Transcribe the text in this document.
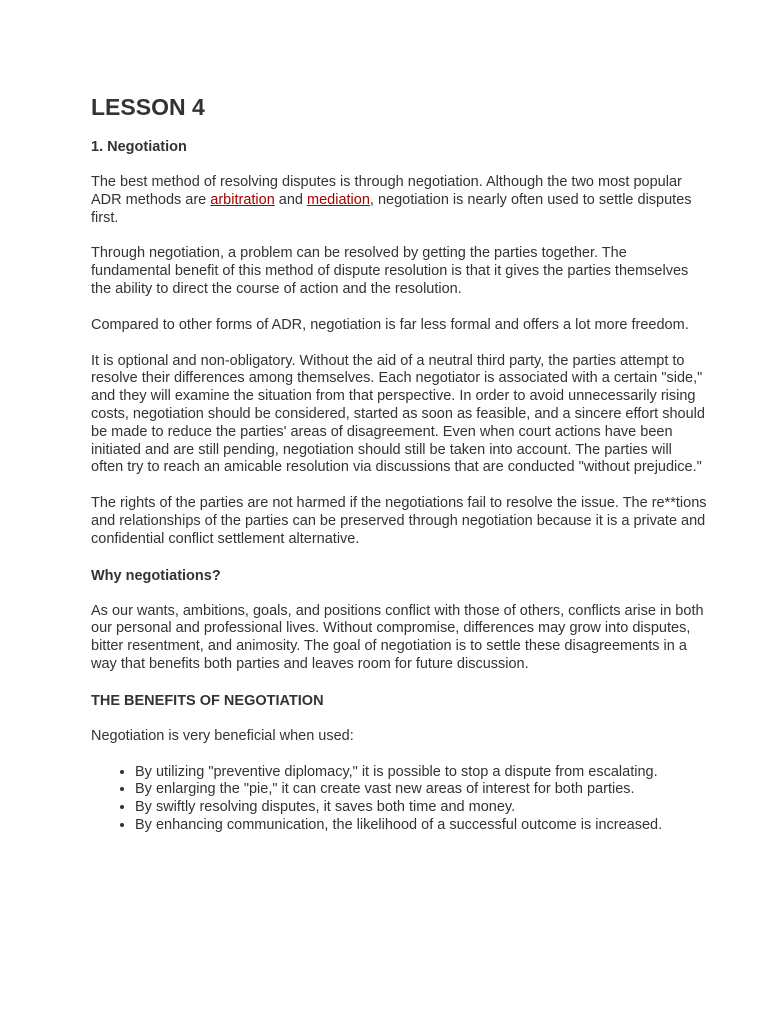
LESSON 4
1. Negotiation

The best method of resolving disputes is through negotiation. Although the two most popular ADR methods are arbitration and mediation, negotiation is nearly often used to settle disputes first.

Through negotiation, a problem can be resolved by getting the parties together. The fundamental benefit of this method of dispute resolution is that it gives the parties themselves the ability to direct the course of action and the resolution.

Compared to other forms of ADR, negotiation is far less formal and offers a lot more freedom.

It is optional and non-obligatory. Without the aid of a neutral third party, the parties attempt to resolve their differences among themselves. Each negotiator is associated with a certain "side," and they will examine the situation from that perspective. In order to avoid unnecessarily rising costs, negotiation should be considered, started as soon as feasible, and a sincere effort should be made to reduce the parties' areas of disagreement. Even when court actions have been initiated and are still pending, negotiation should still be taken into account. The parties will often try to reach an amicable resolution via discussions that are conducted "without prejudice."

The rights of the parties are not harmed if the negotiations fail to resolve the issue. The re**tions and relationships of the parties can be preserved through negotiation because it is a private and confidential conflict settlement alternative.

Why negotiations?

As our wants, ambitions, goals, and positions conflict with those of others, conflicts arise in both our personal and professional lives. Without compromise, differences may grow into disputes, bitter resentment, and animosity. The goal of negotiation is to settle these disagreements in a way that benefits both parties and leaves room for future discussion.

THE BENEFITS OF NEGOTIATION

Negotiation is very beneficial when used:

• By utilizing "preventive diplomacy," it is possible to stop a dispute from escalating.
• By enlarging the "pie," it can create vast new areas of interest for both parties.
• By swiftly resolving disputes, it saves both time and money.
• By enhancing communication, the likelihood of a successful outcome is increased.
